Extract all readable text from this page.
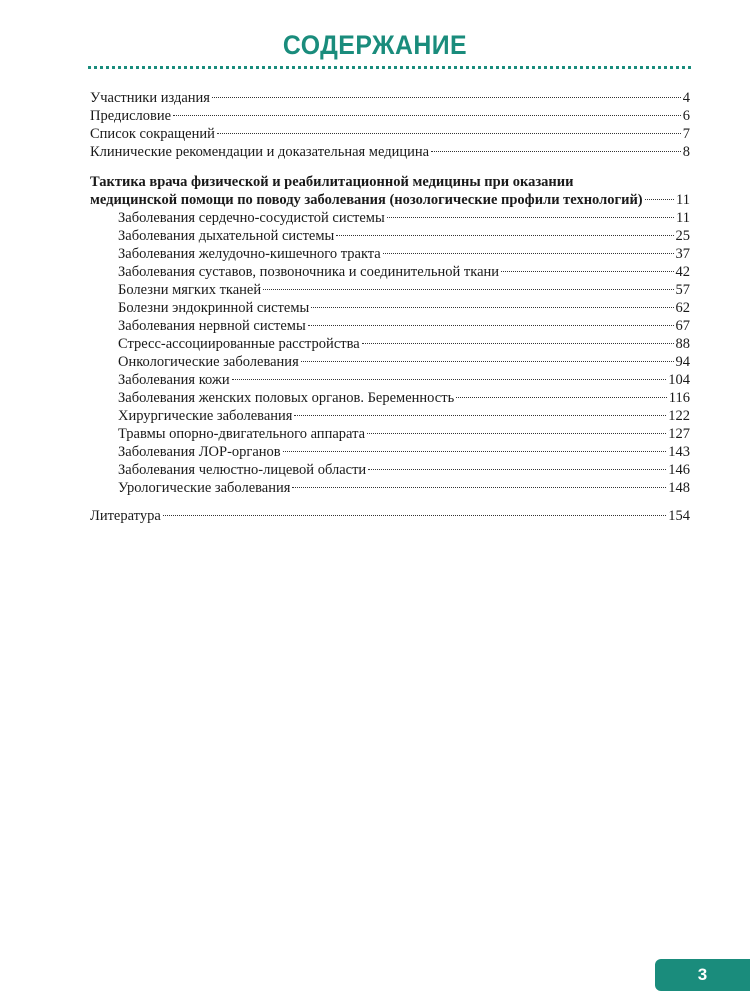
СОДЕРЖАНИЕ
Участники издания	4
Предисловие	6
Список сокращений	7
Клинические рекомендации и доказательная медицина	8
Тактика врача физической и реабилитационной медицины при оказании
медицинской помощи по поводу заболевания (нозологические профили технологий) 11
Заболевания сердечно-сосудистой системы	11
Заболевания дыхательной системы	25
Заболевания желудочно-кишечного тракта	37
Заболевания суставов, позвоночника и соединительной ткани	42
Болезни мягких тканей	57
Болезни эндокринной системы	62
Заболевания нервной системы	67
Стресс-ассоциированные расстройства	88
Онкологические заболевания	94
Заболевания кожи	104
Заболевания женских половых органов. Беременность	116
Хирургические заболевания	122
Травмы опорно-двигательного аппарата	127
Заболевания ЛОР-органов	143
Заболевания челюстно-лицевой области	146
Урологические заболевания	148
Литература	154
3
